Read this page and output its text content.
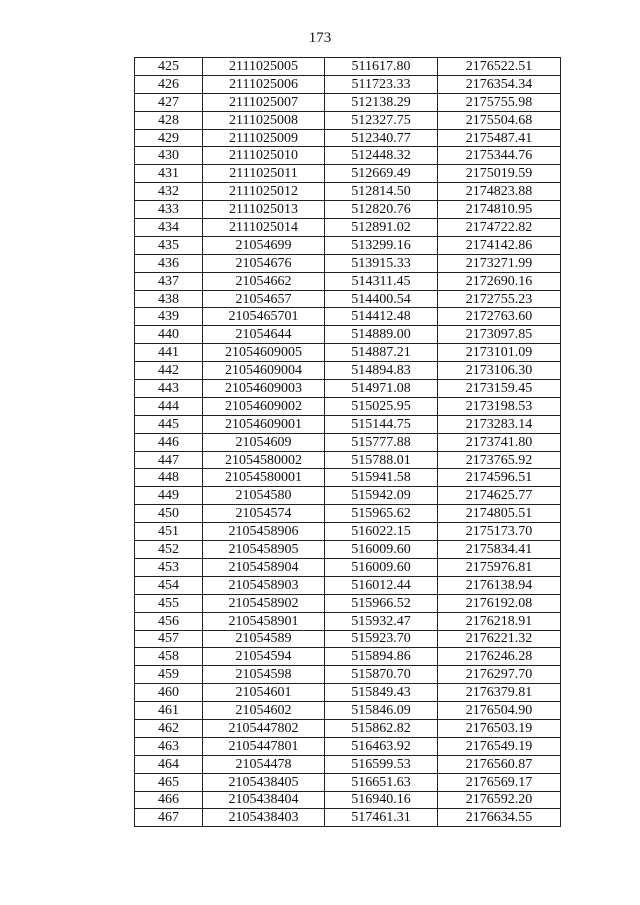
173
425	2111025005	511617.80	2176522.51
426	2111025006	511723.33	2176354.34
427	2111025007	512138.29	2175755.98
428	2111025008	512327.75	2175504.68
429	2111025009	512340.77	2175487.41
430	2111025010	512448.32	2175344.76
431	2111025011	512669.49	2175019.59
432	2111025012	512814.50	2174823.88
433	2111025013	512820.76	2174810.95
434	2111025014	512891.02	2174722.82
435	21054699	513299.16	2174142.86
436	21054676	513915.33	2173271.99
437	21054662	514311.45	2172690.16
438	21054657	514400.54	2172755.23
439	2105465701	514412.48	2172763.60
440	21054644	514889.00	2173097.85
441	21054609005	514887.21	2173101.09
442	21054609004	514894.83	2173106.30
443	21054609003	514971.08	2173159.45
444	21054609002	515025.95	2173198.53
445	21054609001	515144.75	2173283.14
446	21054609	515777.88	2173741.80
447	21054580002	515788.01	2173765.92
448	21054580001	515941.58	2174596.51
449	21054580	515942.09	2174625.77
450	21054574	515965.62	2174805.51
451	2105458906	516022.15	2175173.70
452	2105458905	516009.60	2175834.41
453	2105458904	516009.60	2175976.81
454	2105458903	516012.44	2176138.94
455	2105458902	515966.52	2176192.08
456	2105458901	515932.47	2176218.91
457	21054589	515923.70	2176221.32
458	21054594	515894.86	2176246.28
459	21054598	515870.70	2176297.70
460	21054601	515849.43	2176379.81
461	21054602	515846.09	2176504.90
462	2105447802	515862.82	2176503.19
463	2105447801	516463.92	2176549.19
464	21054478	516599.53	2176560.87
465	2105438405	516651.63	2176569.17
466	2105438404	516940.16	2176592.20
467	2105438403	517461.31	2176634.55
